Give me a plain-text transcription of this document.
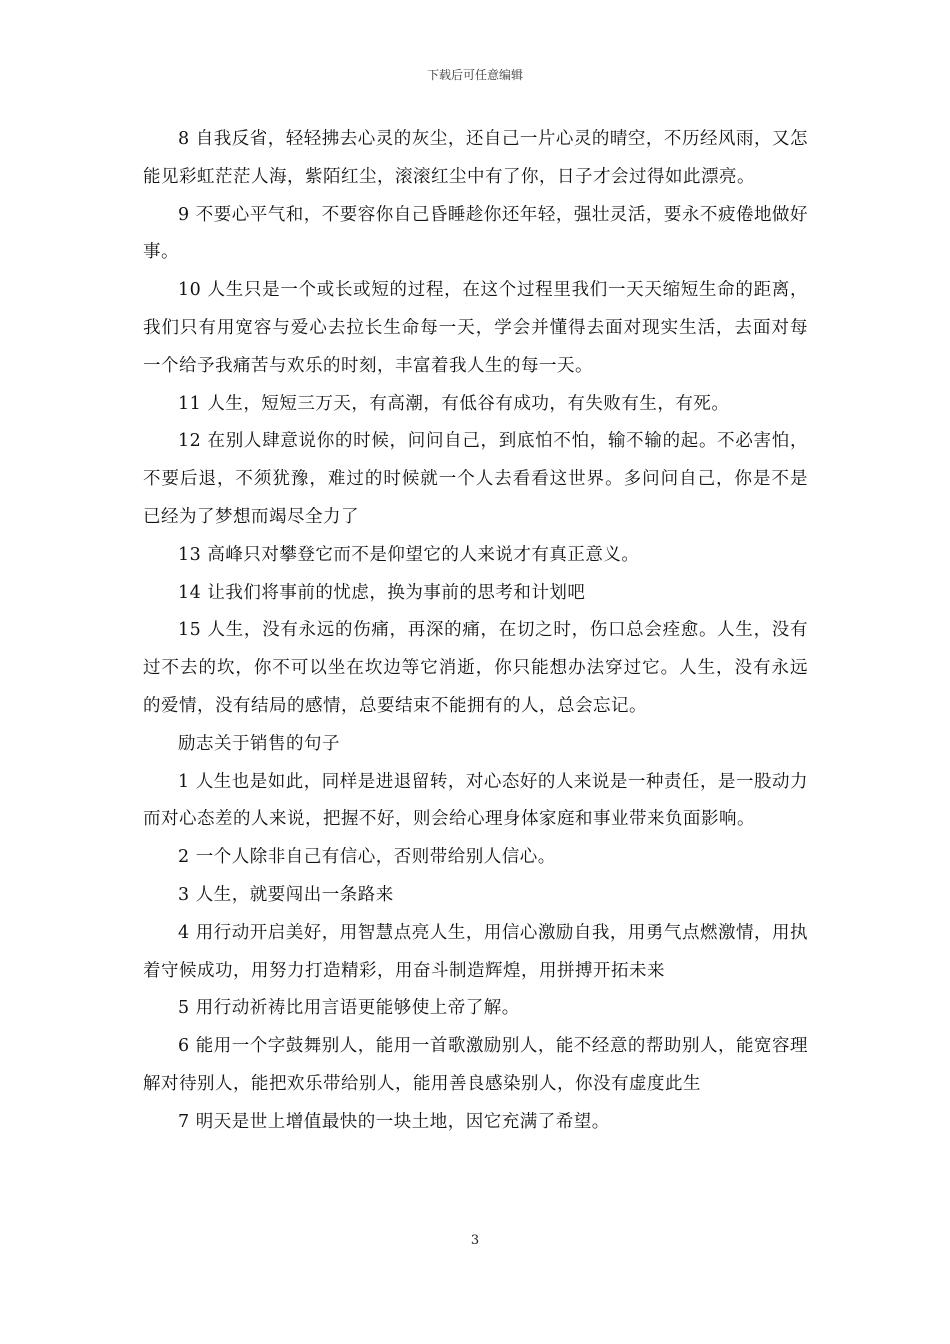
下载后可任意编辑

8 自我反省，轻轻拂去心灵的灰尘，还自己一片心灵的晴空，不历经风雨，又怎能见彩虹茫茫人海，紫陌红尘，滚滚红尘中有了你，日子才会过得如此漂亮。

9 不要心平气和，不要容你自己昏睡趁你还年轻，强壮灵活，要永不疲倦地做好事。

10 人生只是一个或长或短的过程，在这个过程里我们一天天缩短生命的距离，我们只有用宽容与爱心去拉长生命每一天，学会并懂得去面对现实生活，去面对每一个给予我痛苦与欢乐的时刻，丰富着我人生的每一天。

11 人生，短短三万天，有高潮，有低谷有成功，有失败有生，有死。

12 在别人肆意说你的时候，问问自己，到底怕不怕，输不输的起。不必害怕，不要后退，不须犹豫，难过的时候就一个人去看看这世界。多问问自己，你是不是已经为了梦想而竭尽全力了

13 高峰只对攀登它而不是仰望它的人来说才有真正意义。

14 让我们将事前的忧虑，换为事前的思考和计划吧

15 人生，没有永远的伤痛，再深的痛，在切之时，伤口总会痊愈。人生，没有过不去的坎，你不可以坐在坎边等它消逝，你只能想办法穿过它。人生，没有永远的爱情，没有结局的感情，总要结束不能拥有的人，总会忘记。

励志关于销售的句子

1 人生也是如此，同样是进退留转，对心态好的人来说是一种责任，是一股动力而对心态差的人来说，把握不好，则会给心理身体家庭和事业带来负面影响。

2 一个人除非自己有信心，否则带给别人信心。

3 人生，就要闯出一条路来

4 用行动开启美好，用智慧点亮人生，用信心激励自我，用勇气点燃激情，用执着守候成功，用努力打造精彩，用奋斗制造辉煌，用拼搏开拓未来

5 用行动祈祷比用言语更能够使上帝了解。

6 能用一个字鼓舞别人，能用一首歌激励别人，能不经意的帮助别人，能宽容理解对待别人，能把欢乐带给别人，能用善良感染别人，你没有虚度此生

7 明天是世上增值最快的一块土地，因它充满了希望。

3
